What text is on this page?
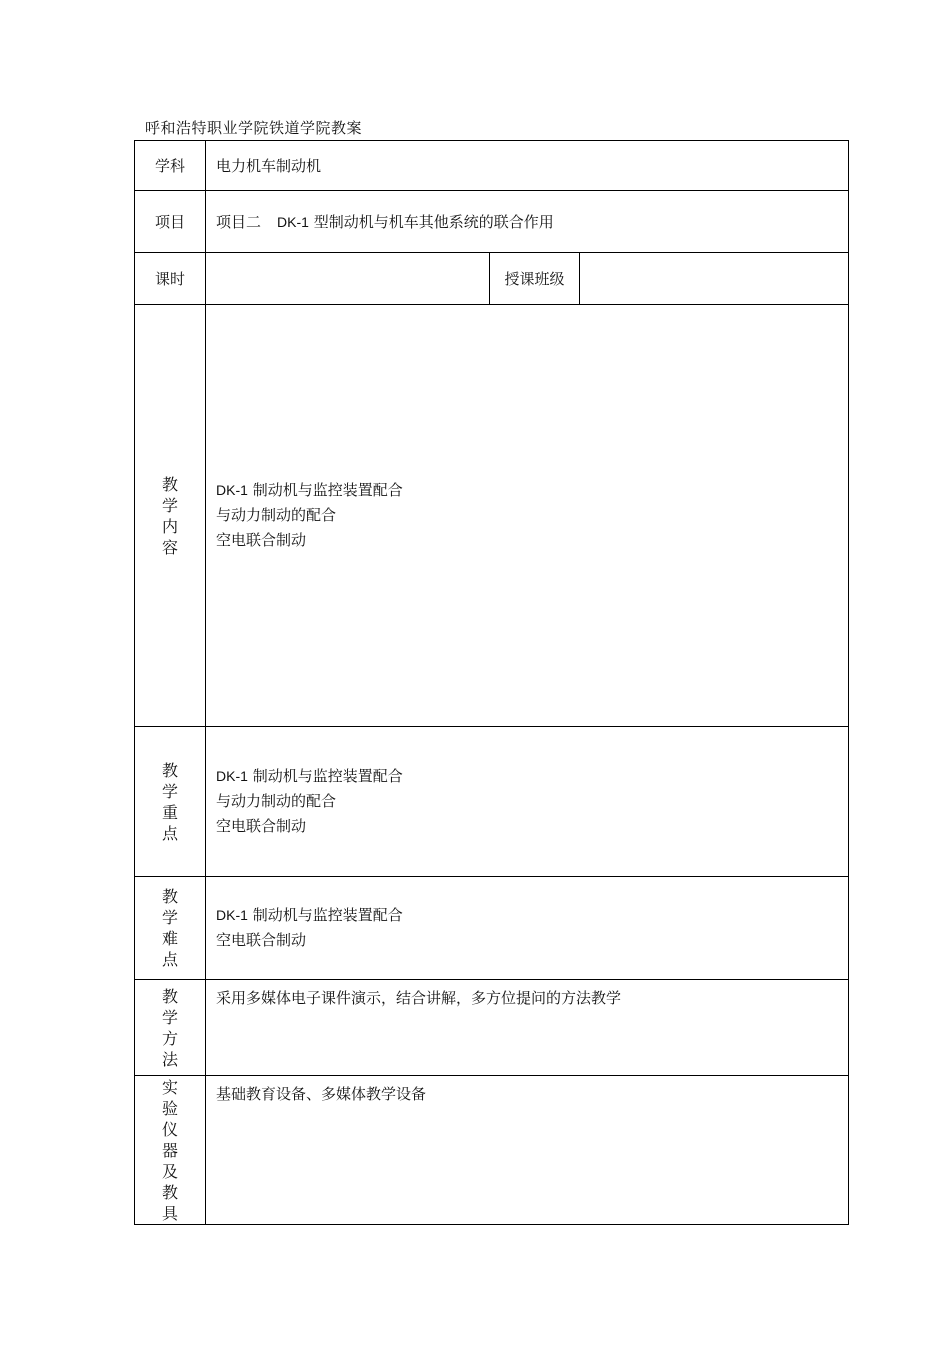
呼和浩特职业学院铁道学院教案
学科	电力机车制动机		
项目	项目二 DK-1 型制动机与机车其他系统的联合作用		
课时		授课班级	
教学内容	DK-1 制动机与监控装置配合
与动力制动的配合
空电联合制动		

教学重点	DK-1 制动机与监控装置配合
与动力制动的配合
空电联合制动		

教学难点	DK-1 制动机与监控装置配合
空电联合制动		

教学方法	采用多媒体电子课件演示，结合讲解，多方位提问的方法教学		

实验仪器及教具	基础教育设备、多媒体教学设备		
